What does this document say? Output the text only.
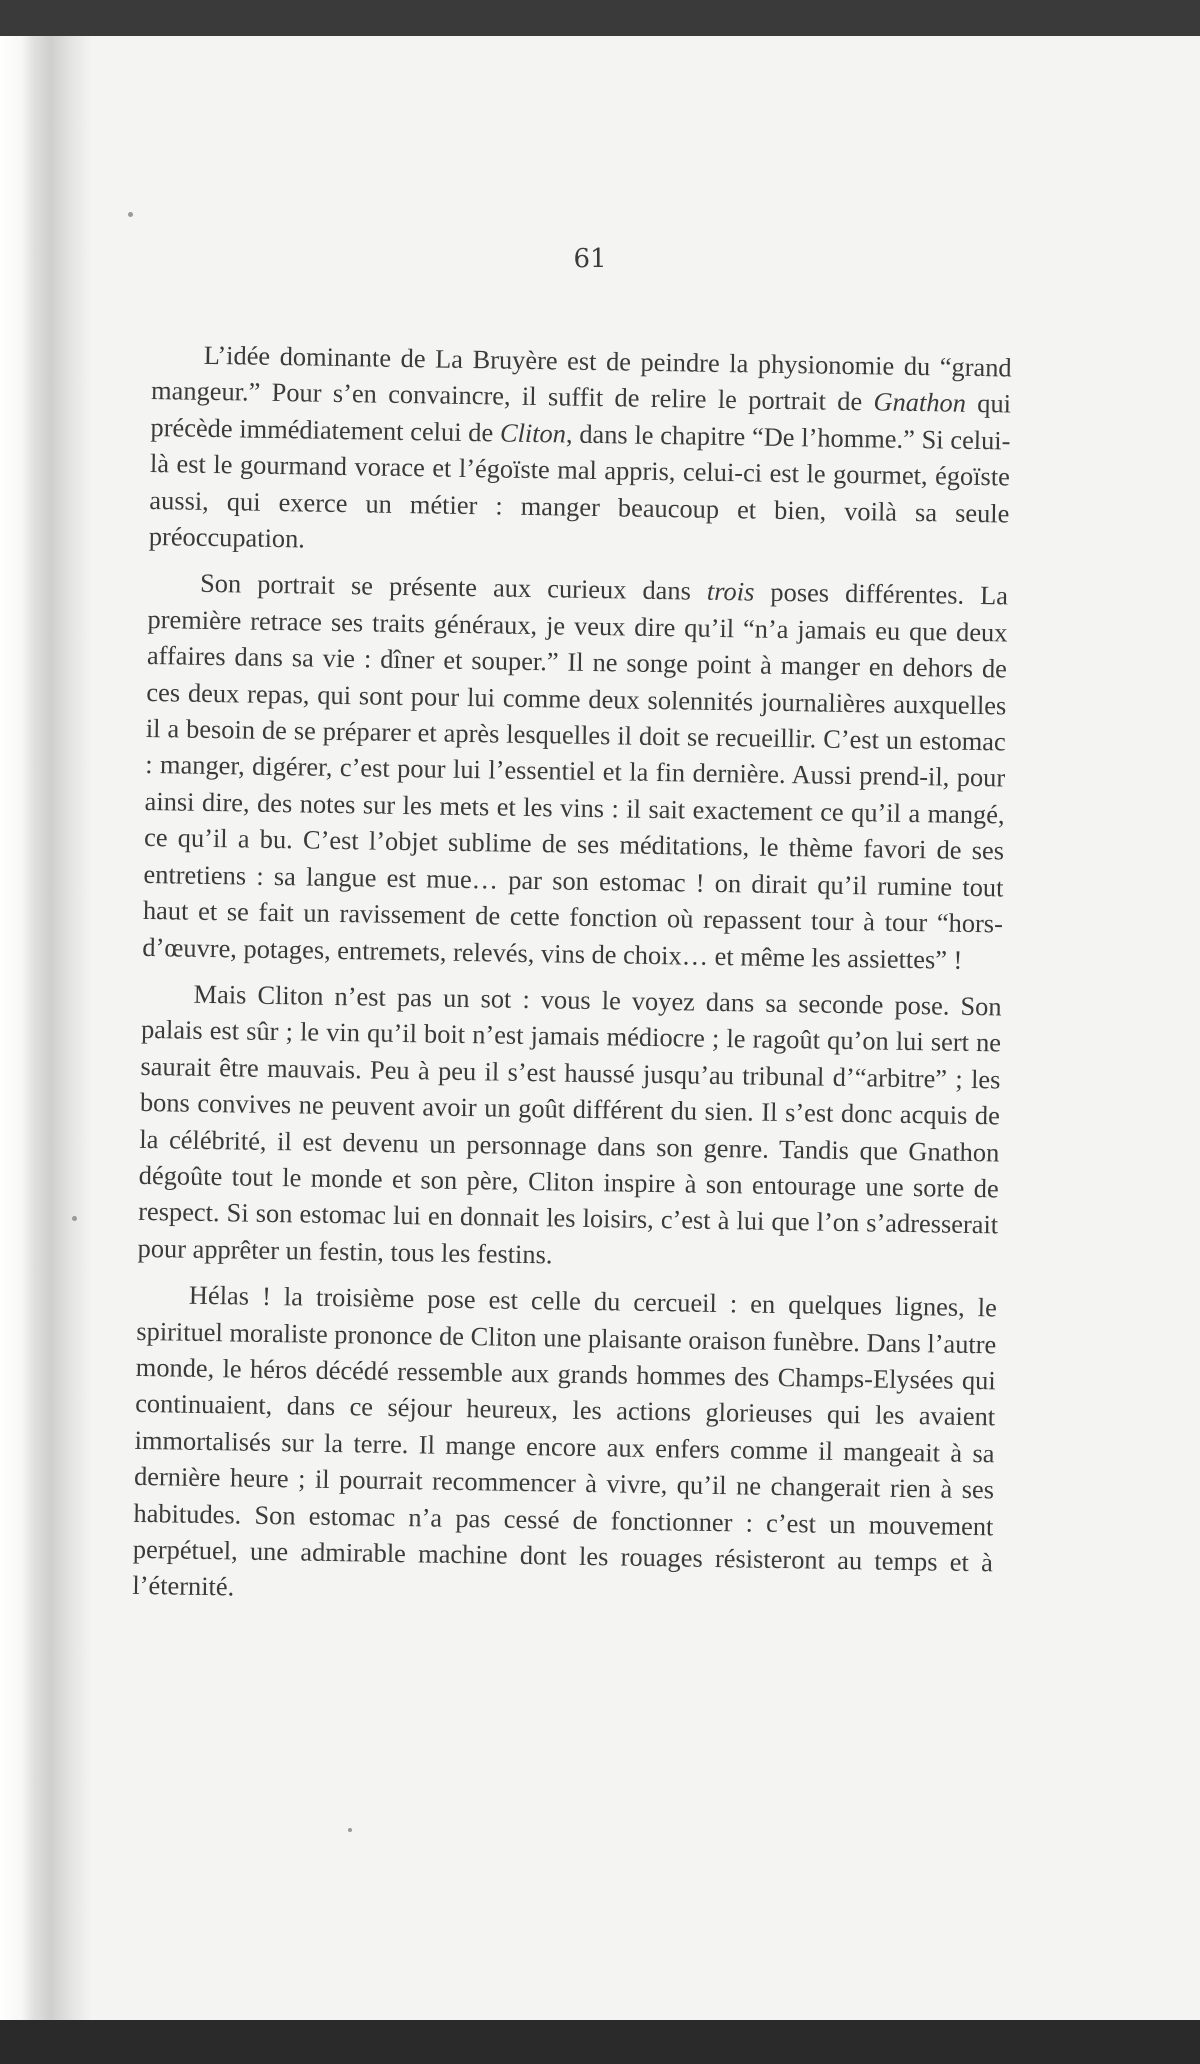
61

L’idée dominante de La Bruyère est de peindre la physionomie du “grand mangeur.” Pour s’en convaincre, il suffit de relire le portrait de Gnathon qui précède immédiatement celui de Cliton, dans le chapitre “De l’homme.” Si celui-là est le gourmand vorace et l’égoïste mal appris, celui-ci est le gourmet, égoïste aussi, qui exerce un métier : manger beaucoup et bien, voilà sa seule préoccupation.

Son portrait se présente aux curieux dans trois poses différentes. La première retrace ses traits généraux, je veux dire qu’il “n’a jamais eu que deux affaires dans sa vie : dîner et souper.” Il ne songe point à manger en dehors de ces deux repas, qui sont pour lui comme deux solennités journalières auxquelles il a besoin de se préparer et après lesquelles il doit se recueillir. C’est un estomac : manger, digérer, c’est pour lui l’essentiel et la fin dernière. Aussi prend-il, pour ainsi dire, des notes sur les mets et les vins : il sait exactement ce qu’il a mangé, ce qu’il a bu. C’est l’objet sublime de ses méditations, le thème favori de ses entretiens : sa langue est mue… par son estomac ! on dirait qu’il rumine tout haut et se fait un ravissement de cette fonction où repassent tour à tour “hors-d’œuvre, potages, entremets, relevés, vins de choix… et même les assiettes” !

Mais Cliton n’est pas un sot : vous le voyez dans sa seconde pose. Son palais est sûr ; le vin qu’il boit n’est jamais médiocre ; le ragoût qu’on lui sert ne saurait être mauvais. Peu à peu il s’est haussé jusqu’au tribunal d’“arbitre” ; les bons convives ne peuvent avoir un goût différent du sien. Il s’est donc acquis de la célébrité, il est devenu un personnage dans son genre. Tandis que Gnathon dégoûte tout le monde et son père, Cliton inspire à son entourage une sorte de respect. Si son estomac lui en donnait les loisirs, c’est à lui que l’on s’adresserait pour apprêter un festin, tous les festins.

Hélas ! la troisième pose est celle du cercueil : en quelques lignes, le spirituel moraliste prononce de Cliton une plaisante oraison funèbre. Dans l’autre monde, le héros décédé ressemble aux grands hommes des Champs-Elysées qui continuaient, dans ce séjour heureux, les actions glorieuses qui les avaient immortalisés sur la terre. Il mange encore aux enfers comme il mangeait à sa dernière heure ; il pourrait recommencer à vivre, qu’il ne changerait rien à ses habitudes. Son estomac n’a pas cessé de fonctionner : c’est un mouvement perpétuel, une admirable machine dont les rouages résisteront au temps et à l’éternité.
